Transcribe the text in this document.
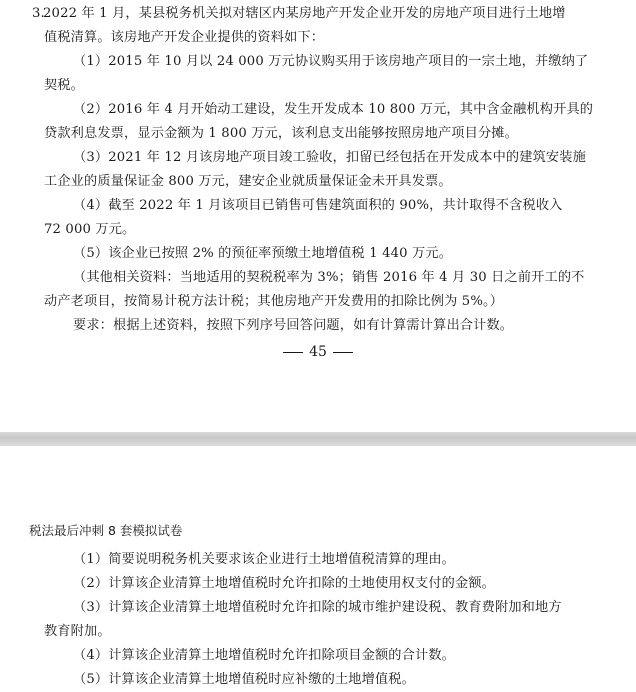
3.
2022 年 1 月，某县税务机关拟对辖区内某房地产开发企业开发的房地产项目进行土地增
值税清算。该房地产开发企业提供的资料如下：
（1）2015 年 10 月以 24 000 万元协议购买用于该房地产项目的一宗土地，并缴纳了
契税。
（2）2016 年 4 月开始动工建设，发生开发成本 10 800 万元，其中含金融机构开具的
贷款利息发票，显示金额为 1 800 万元，该利息支出能够按照房地产项目分摊。
（3）2021 年 12 月该房地产项目竣工验收，扣留已经包括在开发成本中的建筑安装施
工企业的质量保证金 800 万元，建安企业就质量保证金未开具发票。
（4）截至 2022 年 1 月该项目已销售可售建筑面积的 90%，共计取得不含税收入
72 000 万元。
（5）该企业已按照 2% 的预征率预缴土地增值税 1 440 万元。
（其他相关资料：当地适用的契税税率为 3%；销售 2016 年 4 月 30 日之前开工的不
动产老项目，按简易计税方法计税；其他房地产开发费用的扣除比例为 5%。）
要求：根据上述资料，按照下列序号回答问题，如有计算需计算出合计数。
45
税法最后冲刺 8 套模拟试卷
（1）简要说明税务机关要求该企业进行土地增值税清算的理由。
（2）计算该企业清算土地增值税时允许扣除的土地使用权支付的金额。
（3）计算该企业清算土地增值税时允许扣除的城市维护建设税、教育费附加和地方
教育附加。
（4）计算该企业清算土地增值税时允许扣除项目金额的合计数。
（5）计算该企业清算土地增值税时应补缴的土地增值税。
